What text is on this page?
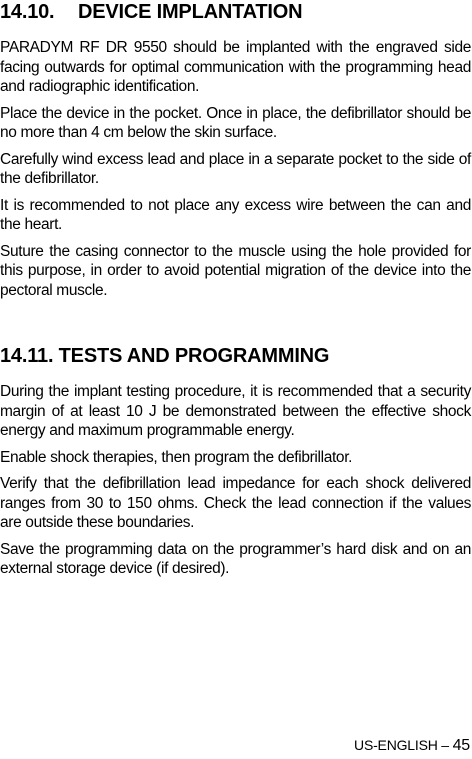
14.10. DEVICE IMPLANTATION

PARADYM RF DR 9550 should be implanted with the engraved side facing outwards for optimal communication with the programming head and radiographic identification.

Place the device in the pocket. Once in place, the defibrillator should be no more than 4 cm below the skin surface.

Carefully wind excess lead and place in a separate pocket to the side of the defibrillator.

It is recommended to not place any excess wire between the can and the heart.

Suture the casing connector to the muscle using the hole provided for this purpose, in order to avoid potential migration of the device into the pectoral muscle.

14.11. TESTS AND PROGRAMMING

During the implant testing procedure, it is recommended that a security margin of at least 10 J be demonstrated between the effective shock energy and maximum programmable energy.

Enable shock therapies, then program the defibrillator.

Verify that the defibrillation lead impedance for each shock delivered ranges from 30 to 150 ohms. Check the lead connection if the values are outside these boundaries.

Save the programming data on the programmer’s hard disk and on an external storage device (if desired).

US-ENGLISH – 45
